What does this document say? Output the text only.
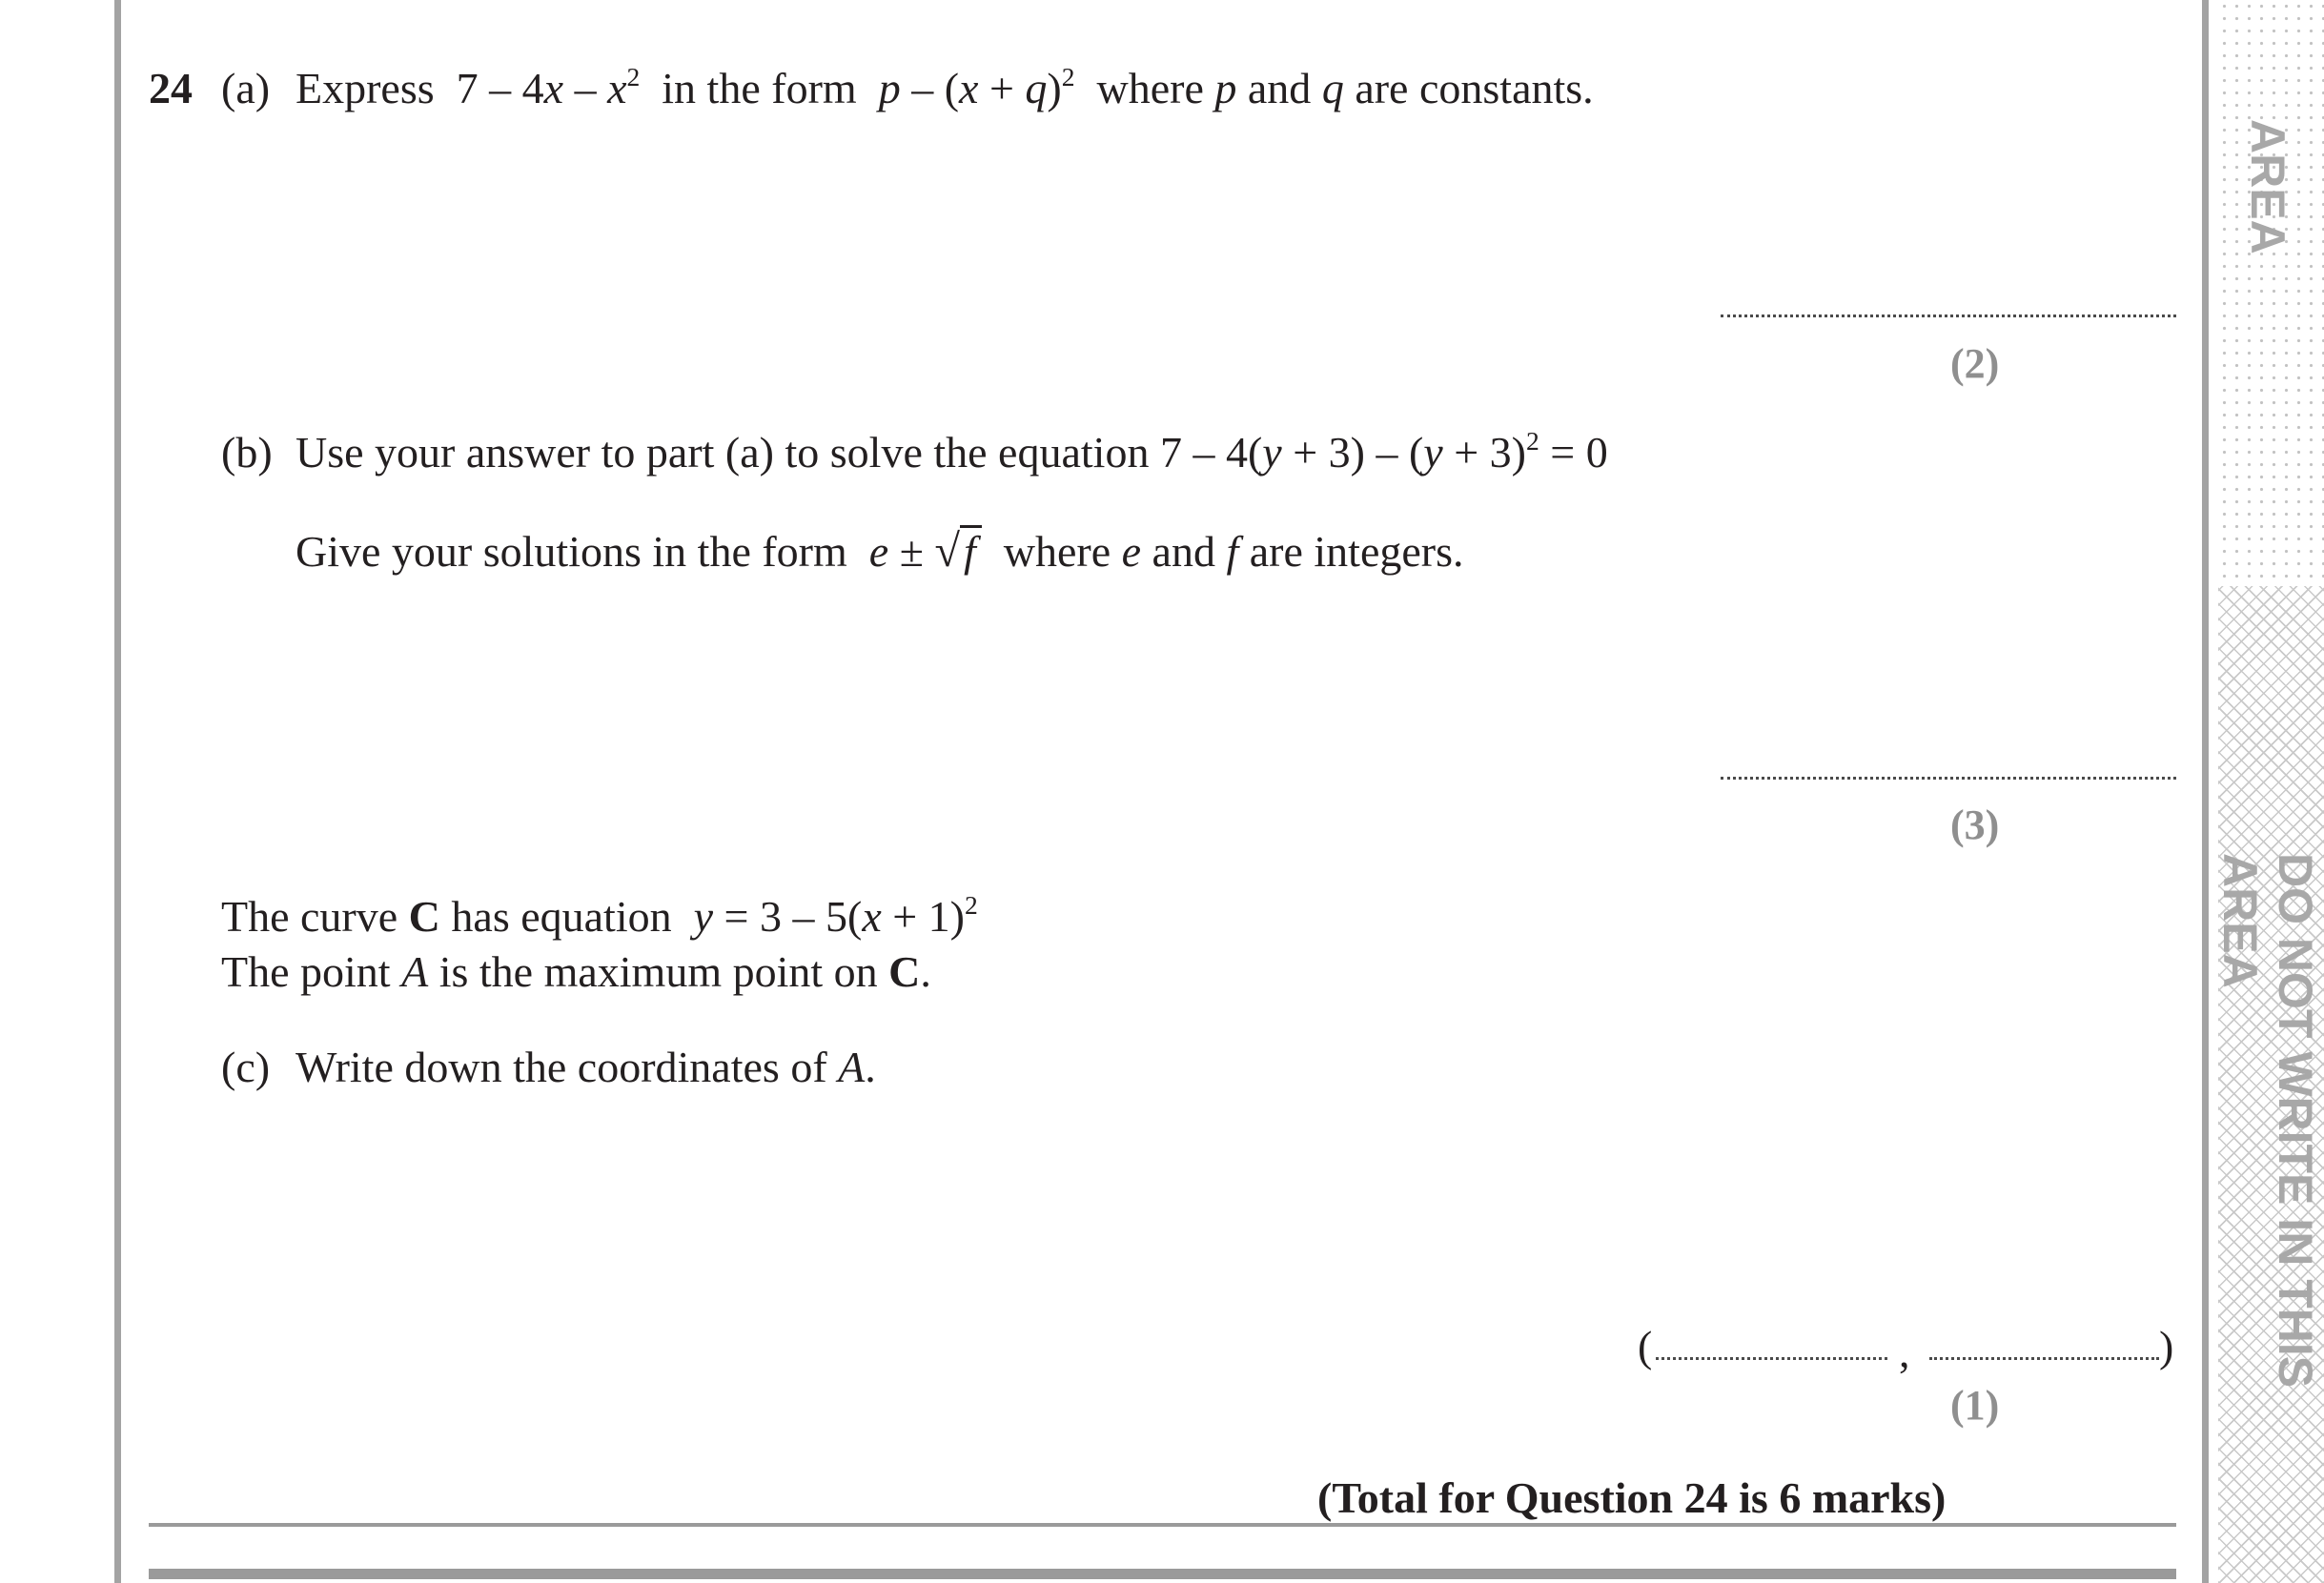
AREA
DO NOT WRITE IN THIS AREA
24 (a) Express $7 - 4x - x^2$ in the form $p - (x + q)^2$ where p and q are constants.
(2)
(b) Use your answer to part (a) to solve the equation $7 - 4(y + 3) - (y + 3)^2 = 0$
Give your solutions in the form e ± √f where e and f are integers.
(3)
The curve C has equation $y = 3 - 5(x + 1)^2$
The point A is the maximum point on C.
(c) Write down the coordinates of A.
(	,	)
(1)
(Total for Question 24 is 6 marks)
